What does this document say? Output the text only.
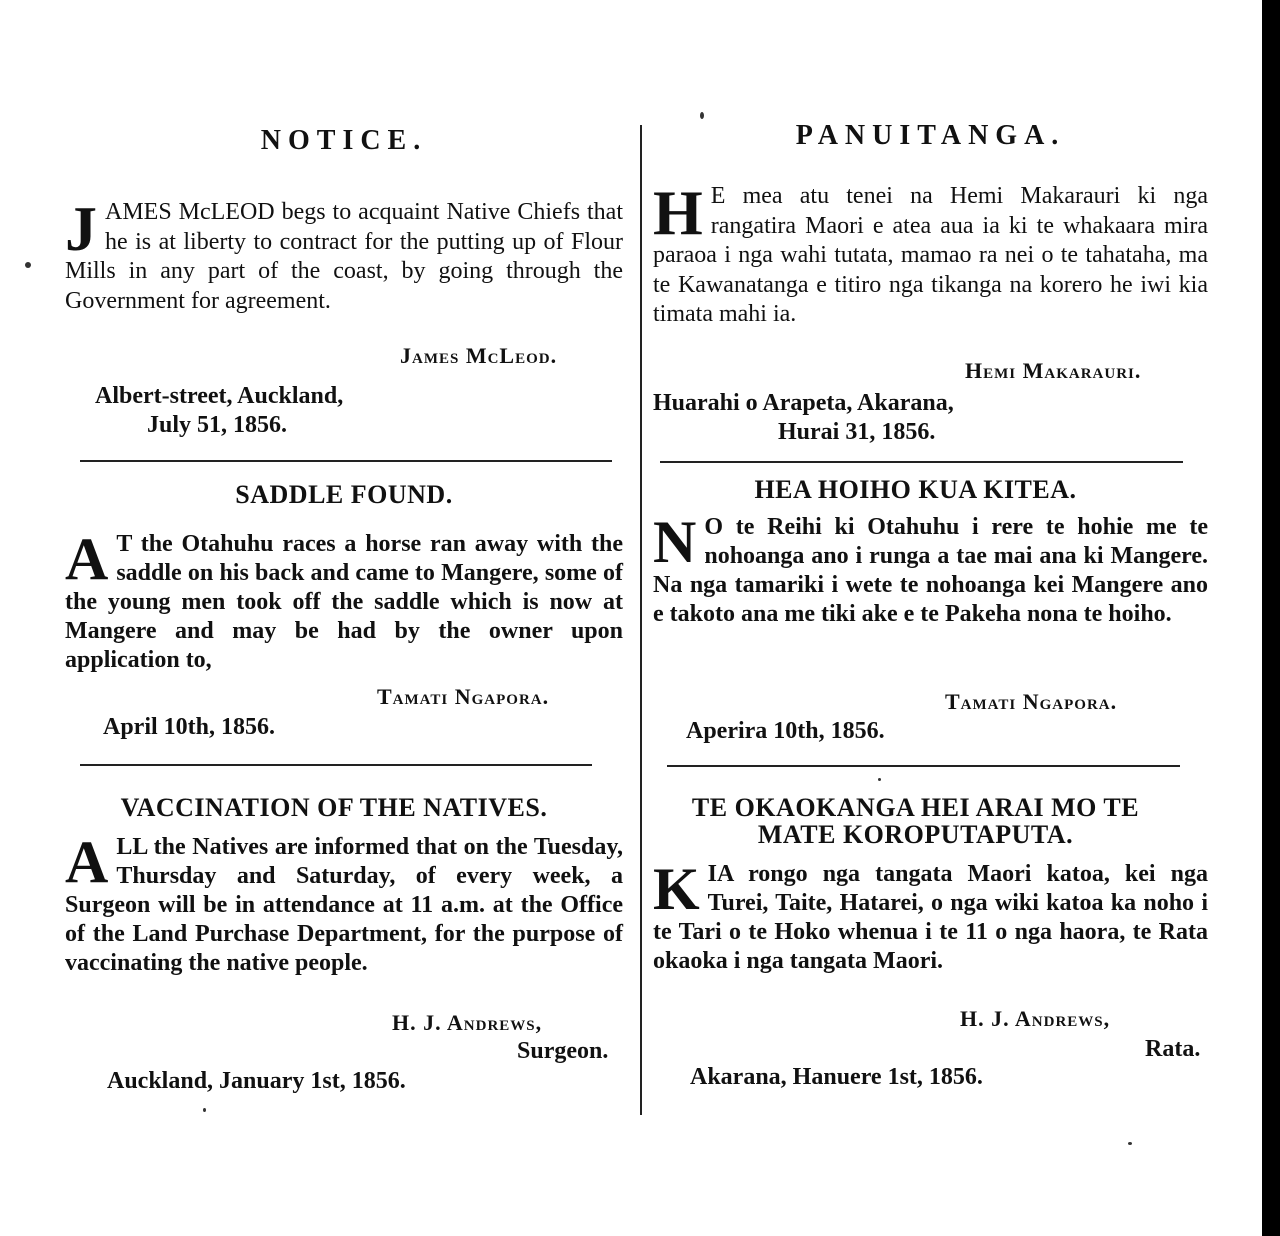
NOTICE.
J AMES McLEOD begs to acquaint Native Chiefs that he is at liberty to contract for the putting up of Flour Mills in any part of the coast, by going through the Government for agreement.

James McLeod.
Albert-street, Auckland,
July 51, 1856.
SADDLE FOUND.
A T the Otahuhu races a horse ran away with the saddle on his back and came to Mangere, some of the young men took off the saddle which is now at Mangere and may be had by the owner upon application to,

Tamati Ngapora.
April 10th, 1856.
VACCINATION OF THE NATIVES.
A LL the Natives are informed that on the Tuesday, Thursday and Saturday, of every week, a Surgeon will be in attendance at 11 a.m. at the Office of the Land Purchase Department, for the purpose of vaccinating the native people.

H. J. Andrews,
Surgeon.
Auckland, January 1st, 1856.
PANUITANGA.
H E mea atu tenei na Hemi Makarauri ki nga rangatira Maori e atea aua ia ki te whakaara mira paraoa i nga wahi tutata, mamao ra nei o te tahataha, ma te Kawanatanga e titiro nga tikanga na korero he iwi kia timata mahi ia.

Hemi Makarauri.
Huarahi o Arapeta, Akarana,
Hurai 31, 1856.
HEA HOIHO KUA KITEA.
N O te Reihi ki Otahuhu i rere te hohie me te nohoanga ano i runga a tae mai ana ki Mangere. Na nga tamariki i wete te nohoanga kei Mangere ano e takoto ana me tiki ake e te Pakeha nona te hoiho.

Tamati Ngapora.
Aperira 10th, 1856.
TE OKAOKANGA HEI ARAI MO TE
MATE KOROPUTAPUTA.
K IA rongo nga tangata Maori katoa, kei nga Turei, Taite, Hatarei, o nga wiki katoa ka noho i te Tari o te Hoko whenua i te 11 o nga haora, te Rata okaoka i nga tangata Maori.

H. J. Andrews,
Rata.
Akarana, Hanuere 1st, 1856.
